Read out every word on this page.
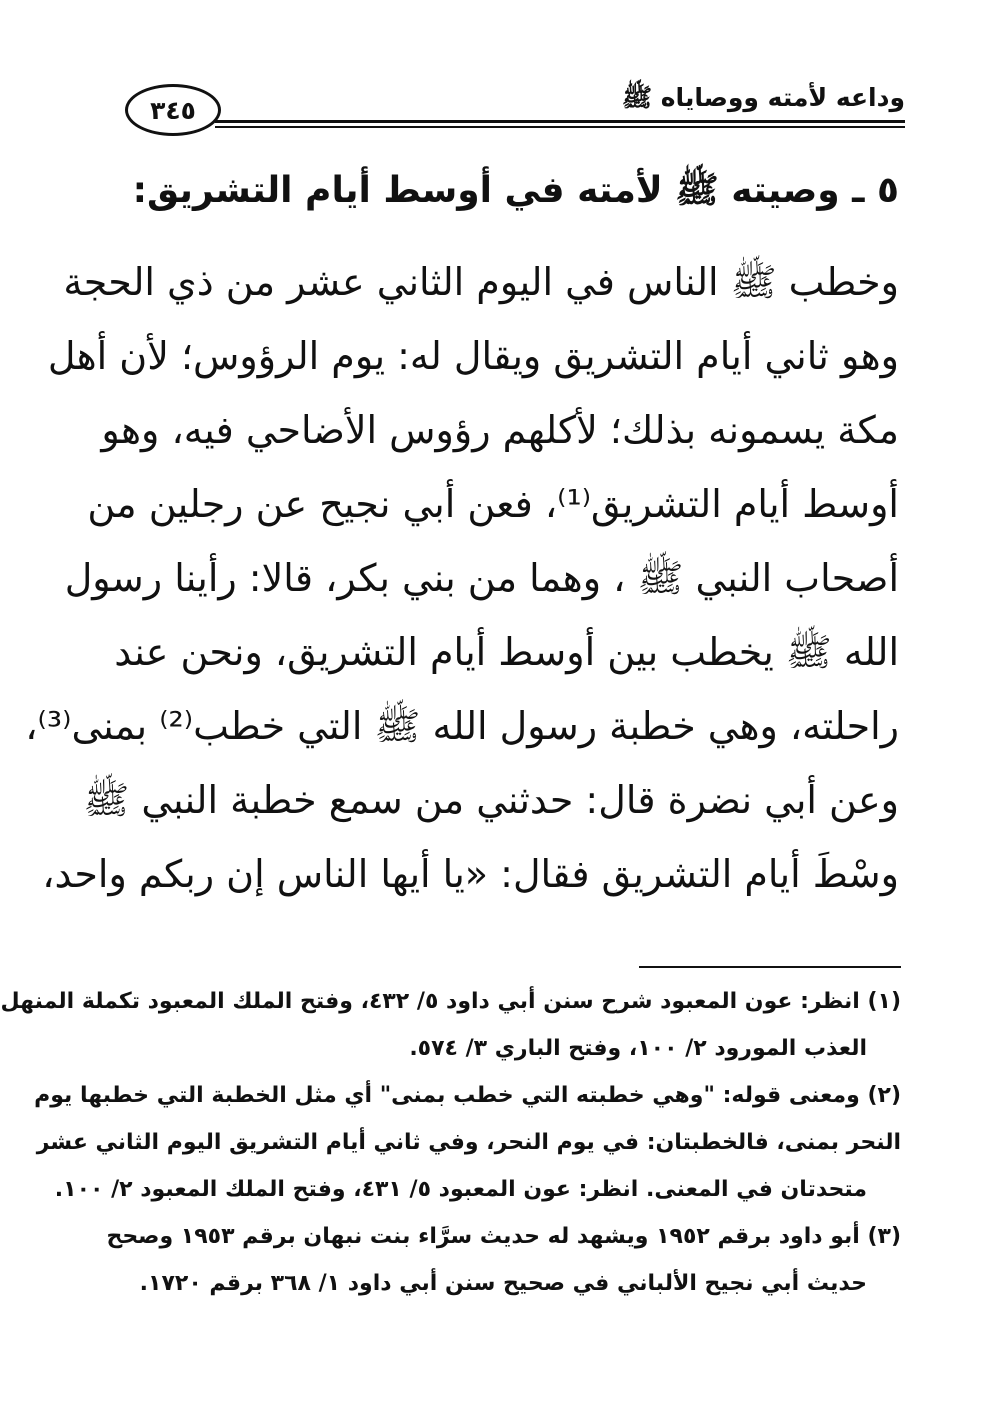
وداعه لأمته ووصاياه ﷺ
٣٤٥
٥ ـ وصيته ﷺ لأمته في أوسط أيام التشريق:
وخطب ﷺ الناس في اليوم الثاني عشر من ذي الحجة
وهو ثاني أيام التشريق ويقال له: يوم الرؤوس؛ لأن أهل
مكة يسمونه بذلك؛ لأكلهم رؤوس الأضاحي فيه، وهو
أوسط أيام التشريق⁽¹⁾، فعن أبي نجيح عن رجلين من
أصحاب النبي ﷺ ، وهما من بني بكر، قالا: رأينا رسول
الله ﷺ يخطب بين أوسط أيام التشريق، ونحن عند
راحلته، وهي خطبة رسول الله ﷺ التي خطب⁽²⁾ بمنى⁽³⁾،
وعن أبي نضرة قال: حدثني من سمع خطبة النبي ﷺ
وسْطَ أيام التشريق فقال: «يا أيها الناس إن ربكم واحد،
(١) انظر: عون المعبود شرح سنن أبي داود ٥/ ٤٣٢، وفتح الملك المعبود تكملة المنهل
العذب المورود ٢/ ١٠٠، وفتح الباري ٣/ ٥٧٤.
(٢) ومعنى قوله: "وهي خطبته التي خطب بمنى" أي مثل الخطبة التي خطبها يوم
النحر بمنى، فالخطبتان: في يوم النحر، وفي ثاني أيام التشريق اليوم الثاني عشر
متحدتان في المعنى. انظر: عون المعبود ٥/ ٤٣١، وفتح الملك المعبود ٢/ ١٠٠.
(٣) أبو داود برقم ١٩٥٢ ويشهد له حديث سرَّاء بنت نبهان برقم ١٩٥٣ وصحح
حديث أبي نجيح الألباني في صحيح سنن أبي داود ١/ ٣٦٨ برقم ١٧٢٠.
